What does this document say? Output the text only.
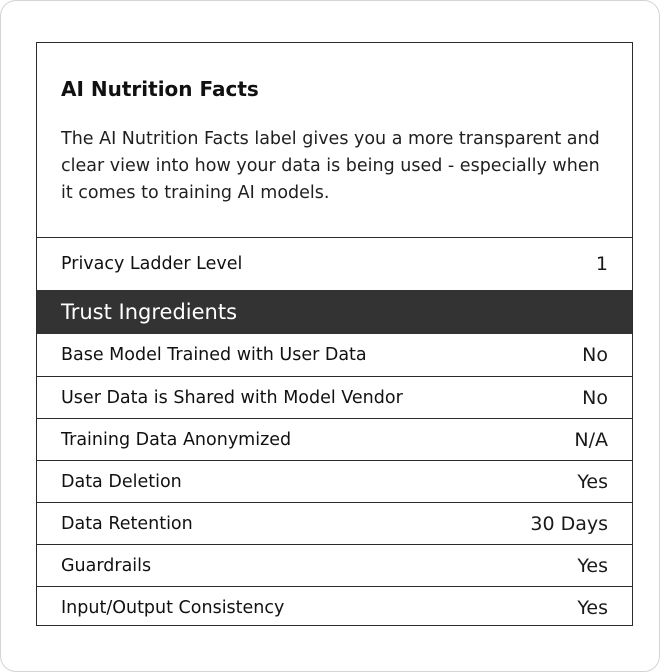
AI Nutrition Facts
The AI Nutrition Facts label gives you a more transparent and clear view into how your data is being used - especially when it comes to training AI models.
Privacy Ladder Level	1
Trust Ingredients
Base Model Trained with User Data	No
User Data is Shared with Model Vendor	No
Training Data Anonymized	N/A
Data Deletion	Yes
Data Retention	30 Days
Guardrails	Yes
Input/Output Consistency	Yes
